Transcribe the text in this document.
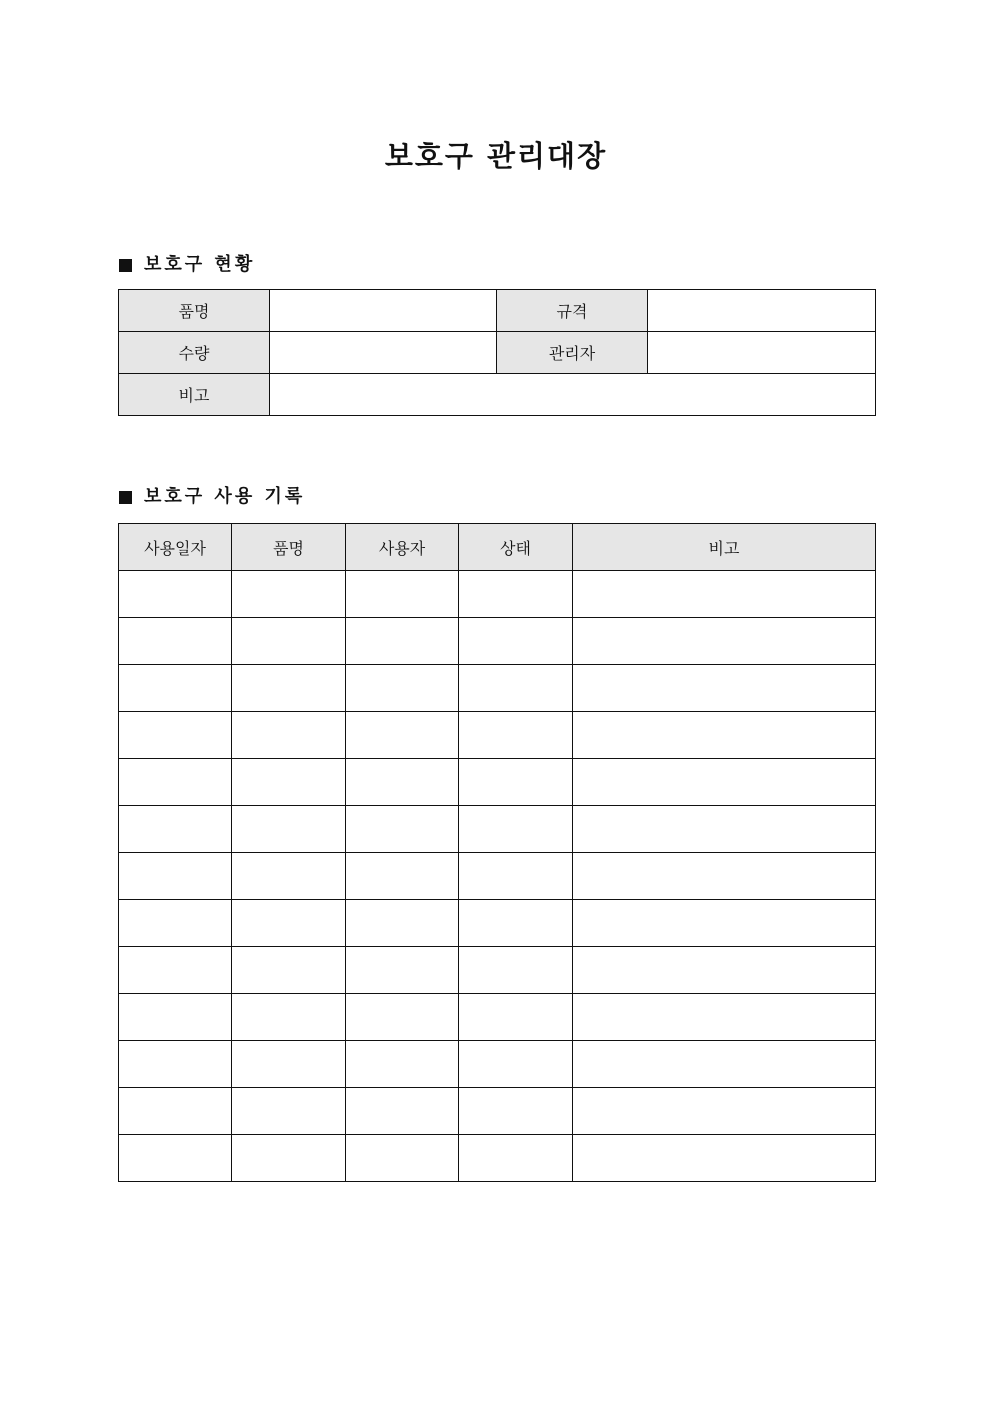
보호구 관리대장
보호구 현황
품명		규격	
수량		관리자	
비고			
보호구 사용 기록
사용일자	품명	사용자	상태	비고
